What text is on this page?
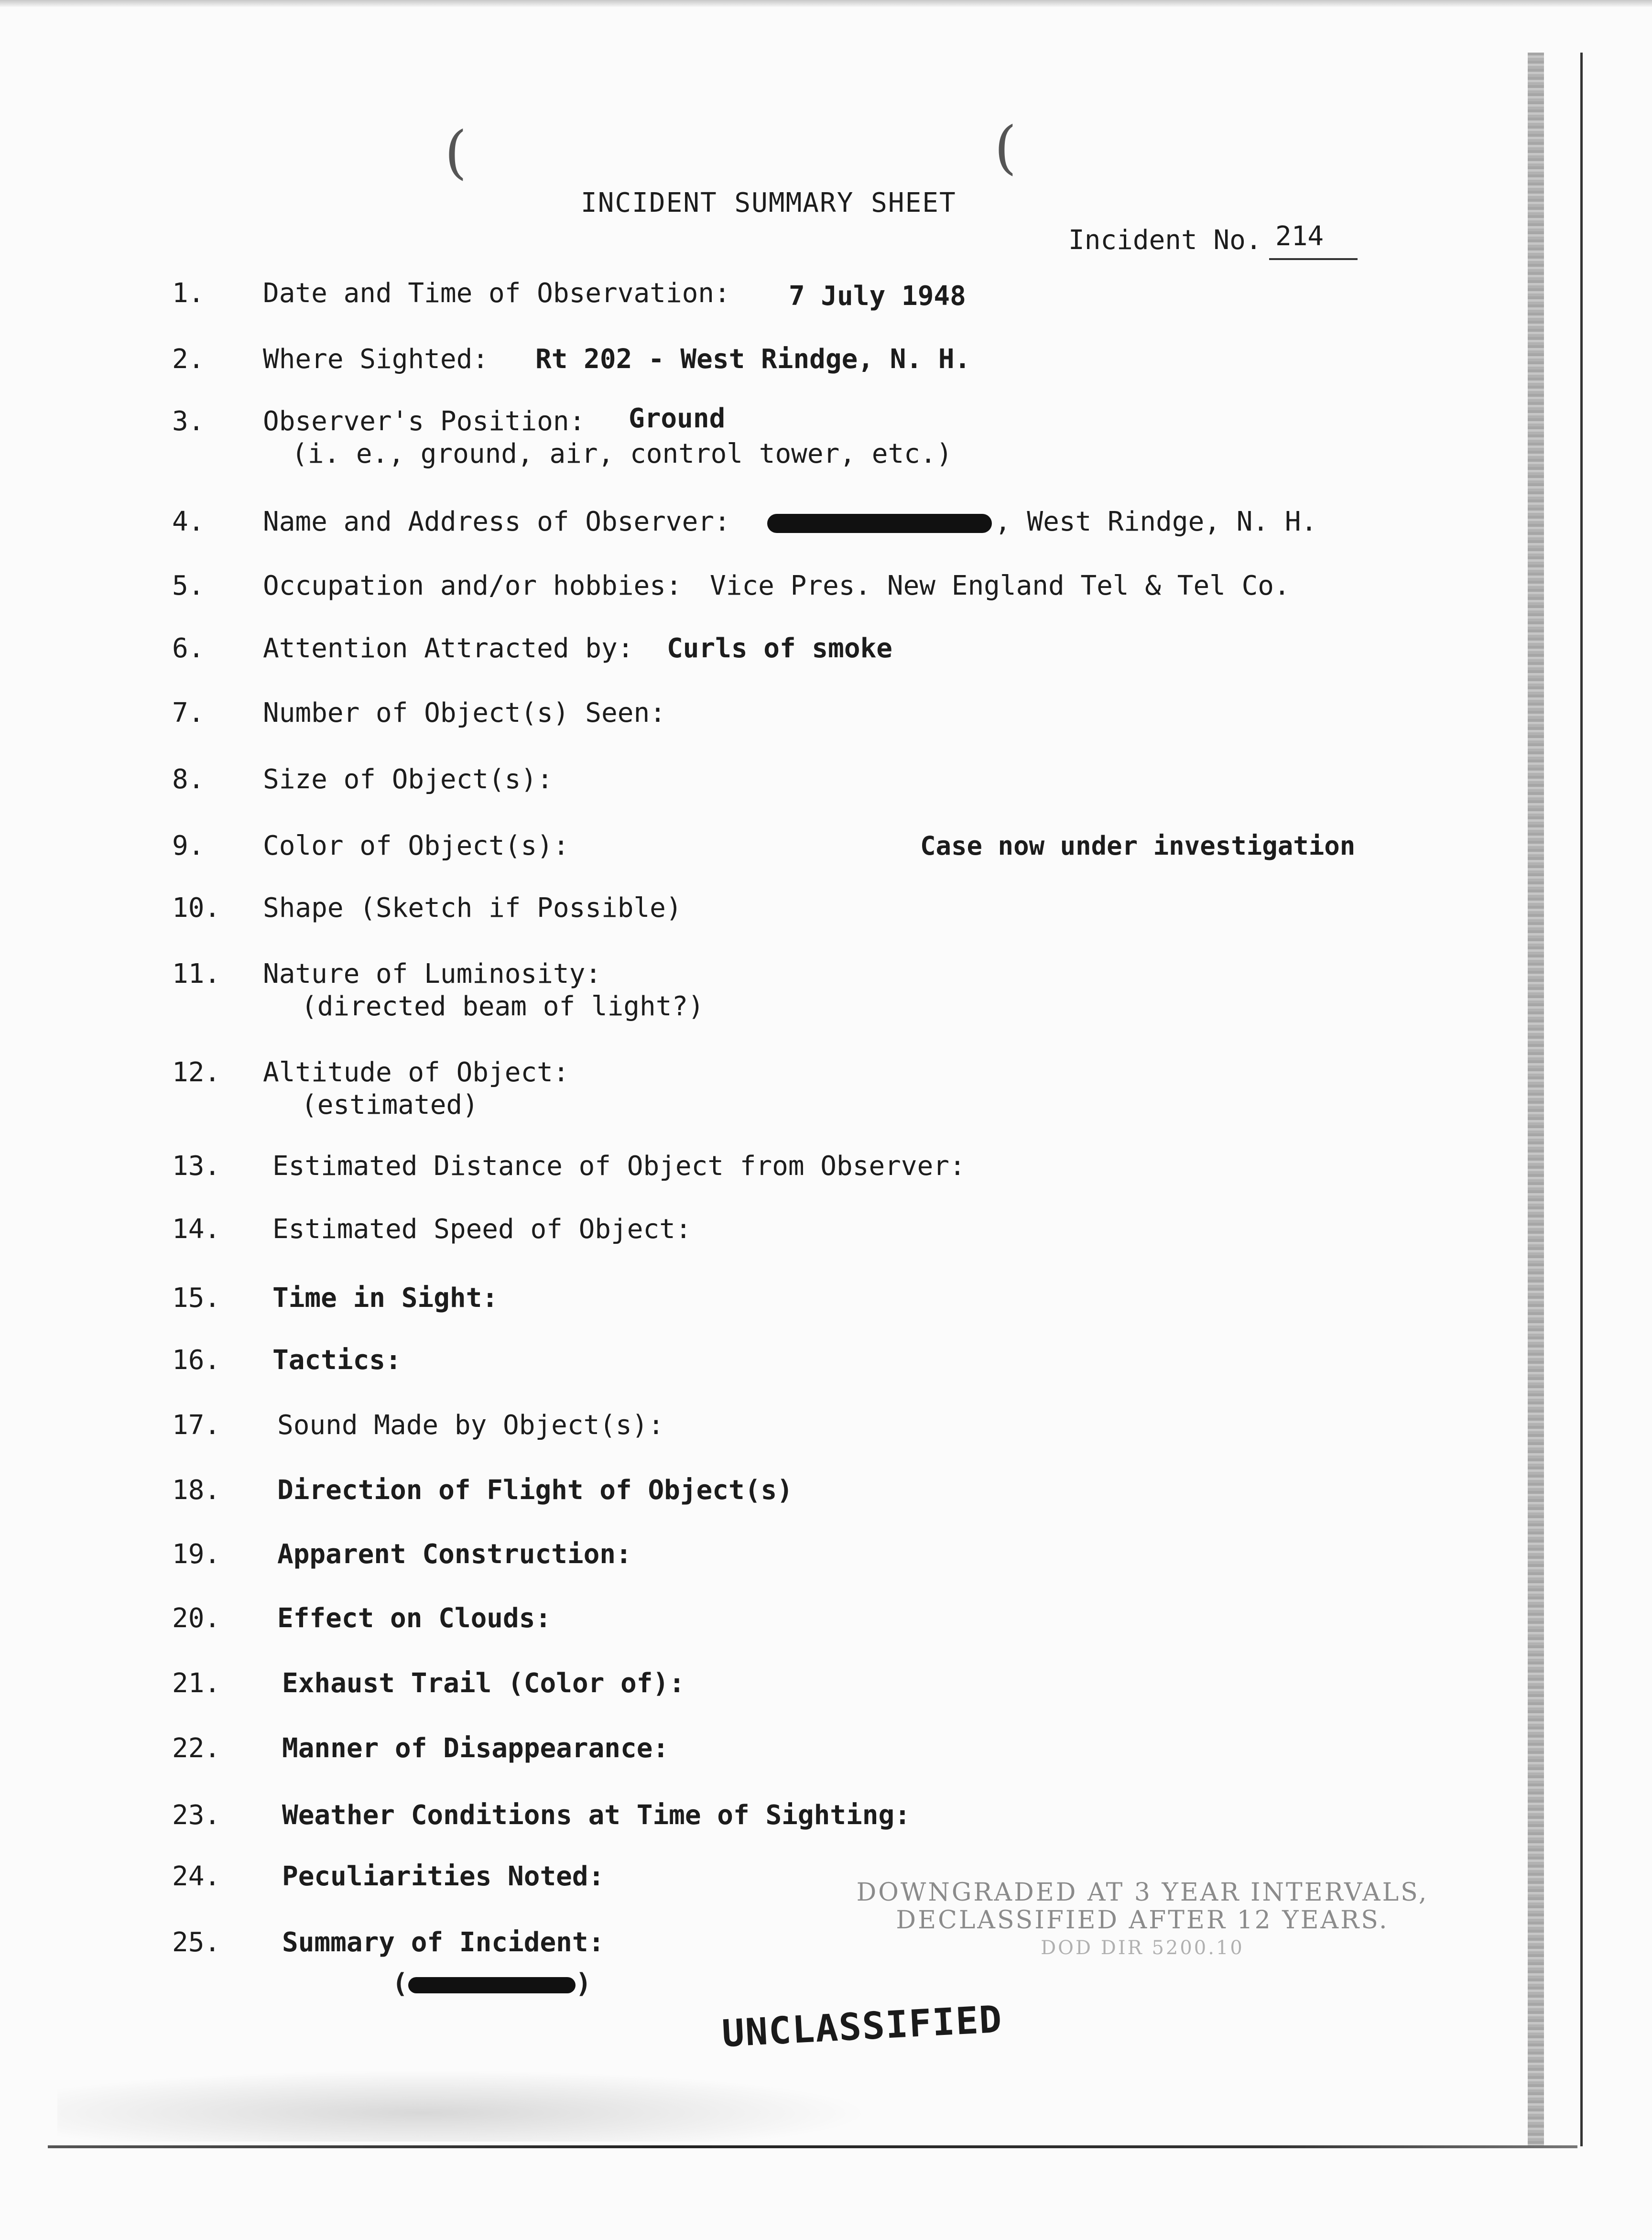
(	(
INCIDENT SUMMARY SHEET
Incident No. 214
1.	Date and Time of Observation: 7 July 1948
2.	Where Sighted: Rt 202 - West Rindge, N. H.
3.	Observer's Position: Ground
(i. e., ground, air, control tower, etc.)
4.	Name and Address of Observer:	, West Rindge, N. H.
5.	Occupation and/or hobbies: Vice Pres. New England Tel & Tel Co.
6.	Attention Attracted by: Curls of smoke
7.	Number of Object(s) Seen:
8.	Size of Object(s):
9.	Color of Object(s):	Case now under investigation
10.	Shape (Sketch if Possible)
11.	Nature of Luminosity:
(directed beam of light?)
12.	Altitude of Object:
(estimated)
13.	Estimated Distance of Object from Observer:
14.	Estimated Speed of Object:
15.	Time in Sight:
16.	Tactics:
17.	Sound Made by Object(s):
18.	Direction of Flight of Object(s)
19.	Apparent Construction:
20.	Effect on Clouds:
21.	Exhaust Trail (Color of):
22.	Manner of Disappearance:
23.	Weather Conditions at Time of Sighting:
24.	Peculiarities Noted:
25.	Summary of Incident:
(	)
DOWNGRADED AT 3 YEAR INTERVALS,
DECLASSIFIED AFTER 12 YEARS.
DOD DIR 5200.10
UNCLASSIFIED
